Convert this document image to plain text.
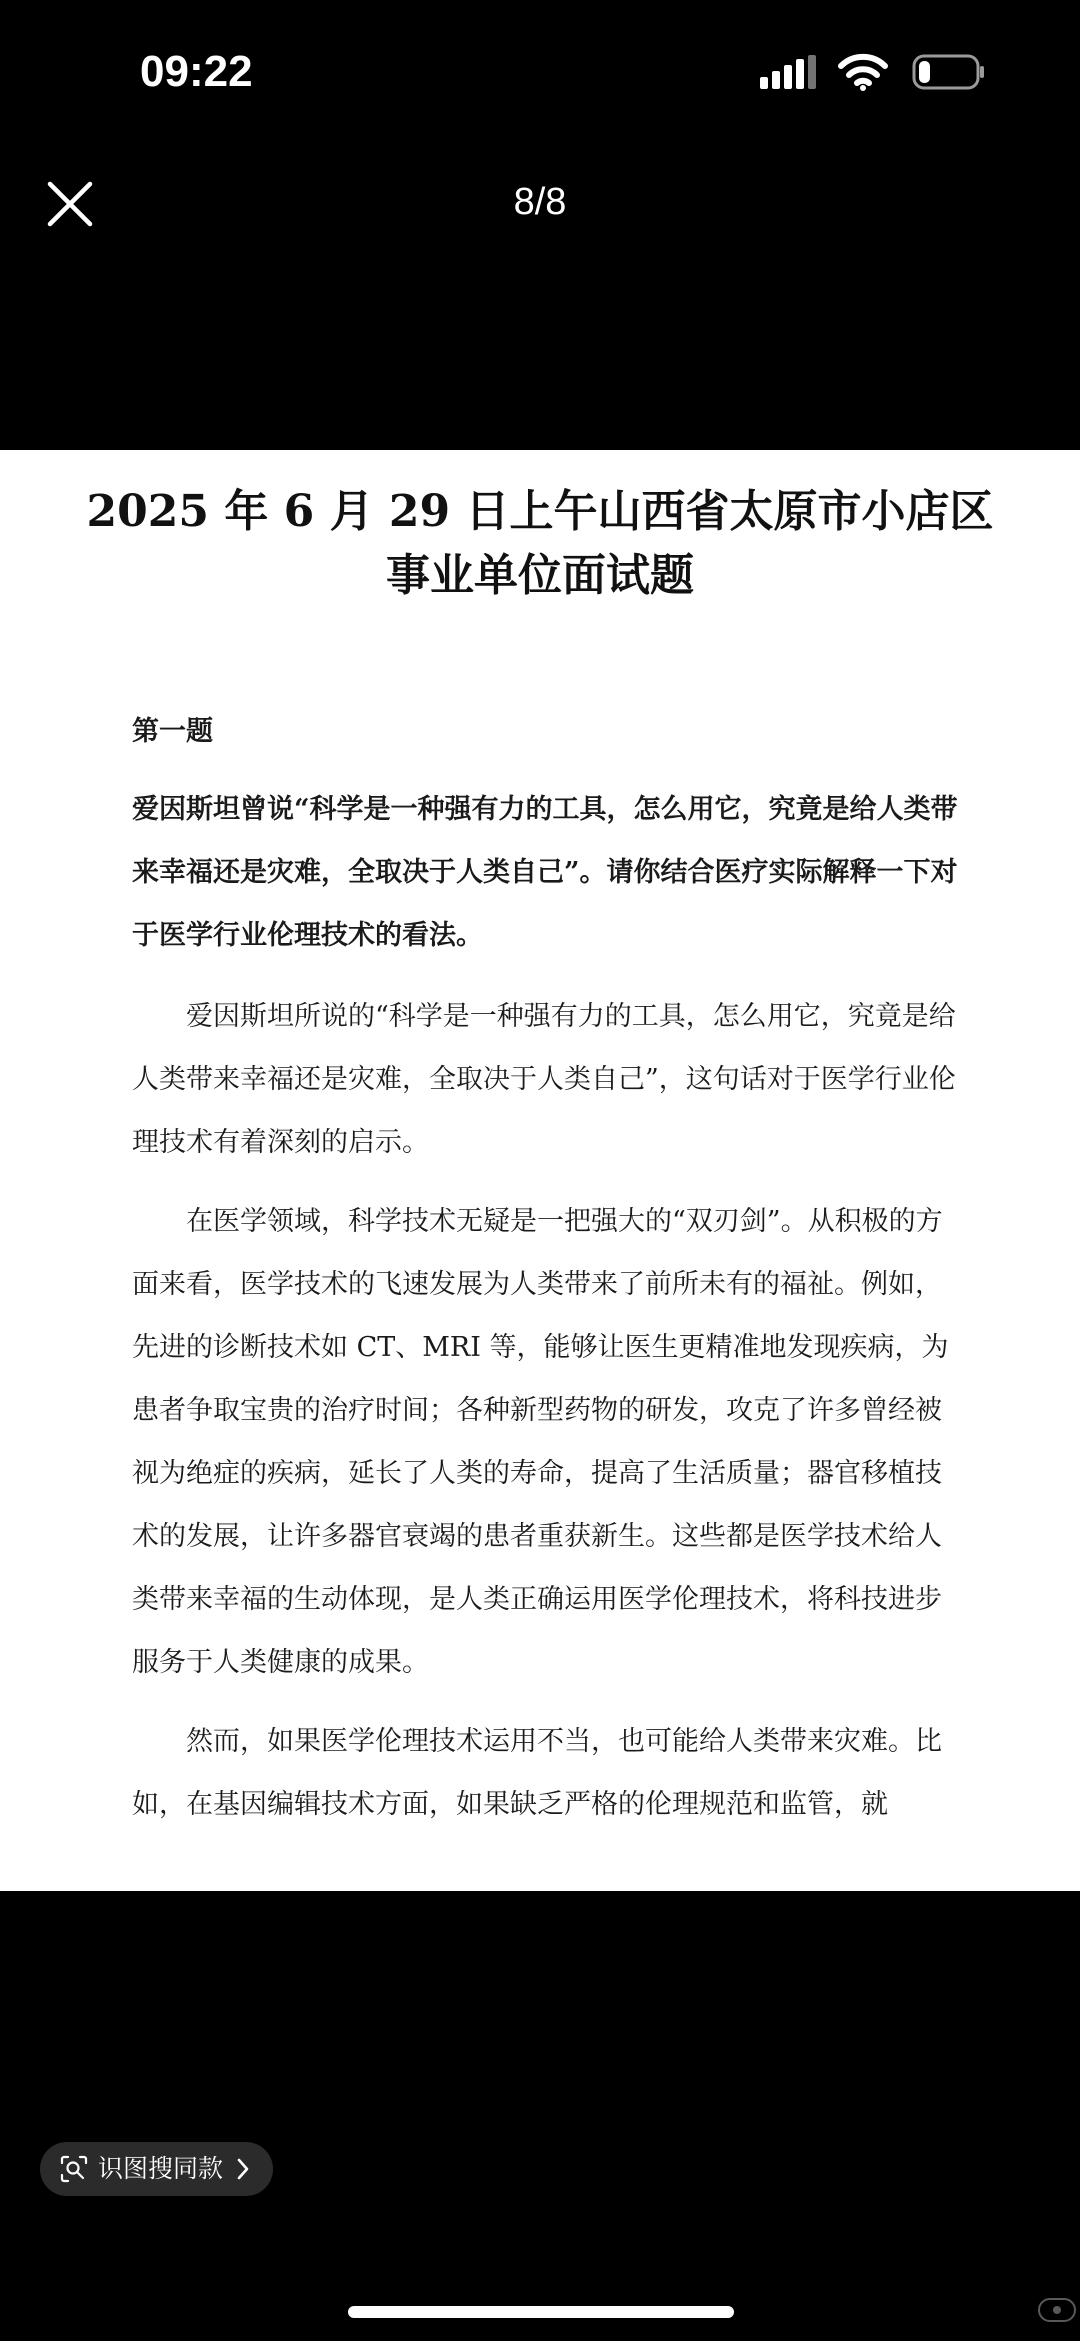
09:22
8/8
2025 年 6 月 29 日上午山西省太原市小店区
事业单位面试题
第一题
爱因斯坦曾说“科学是一种强有力的工具，怎么用它，究竟是给人类带来幸福还是灾难，全取决于人类自己”。请你结合医疗实际解释一下对于医学行业伦理技术的看法。
爱因斯坦所说的“科学是一种强有力的工具，怎么用它，究竟是给人类带来幸福还是灾难，全取决于人类自己”，这句话对于医学行业伦理技术有着深刻的启示。
在医学领域，科学技术无疑是一把强大的“双刃剑”。从积极的方面来看，医学技术的飞速发展为人类带来了前所未有的福祉。例如，先进的诊断技术如 CT、MRI 等，能够让医生更精准地发现疾病，为患者争取宝贵的治疗时间；各种新型药物的研发，攻克了许多曾经被视为绝症的疾病，延长了人类的寿命，提高了生活质量；器官移植技术的发展，让许多器官衰竭的患者重获新生。这些都是医学技术给人类带来幸福的生动体现，是人类正确运用医学伦理技术，将科技进步服务于人类健康的成果。
然而，如果医学伦理技术运用不当，也可能给人类带来灾难。比如，在基因编辑技术方面，如果缺乏严格的伦理规范和监管，就
识图搜同款
